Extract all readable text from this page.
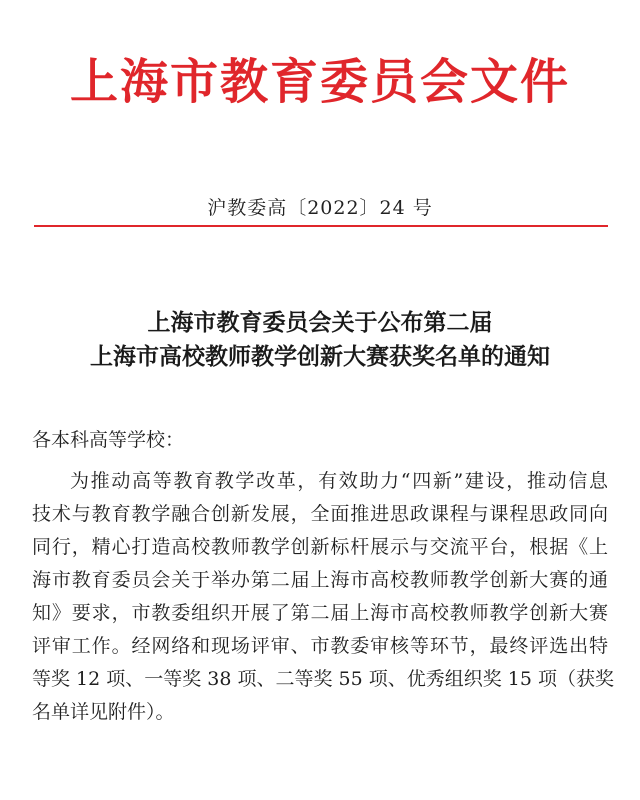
上海市教育委员会文件
沪教委高〔2022〕24 号
上海市教育委员会关于公布第二届
上海市高校教师教学创新大赛获奖名单的通知
各本科高等学校：
为推动高等教育教学改革，有效助力“四新”建设，推动信息
技术与教育教学融合创新发展，全面推进思政课程与课程思政同向
同行，精心打造高校教师教学创新标杆展示与交流平台，根据《上
海市教育委员会关于举办第二届上海市高校教师教学创新大赛的通
知》要求，市教委组织开展了第二届上海市高校教师教学创新大赛
评审工作。经网络和现场评审、市教委审核等环节，最终评选出特
等奖 12 项、一等奖 38 项、二等奖 55 项、优秀组织奖 15 项（获奖
名单详见附件）。
